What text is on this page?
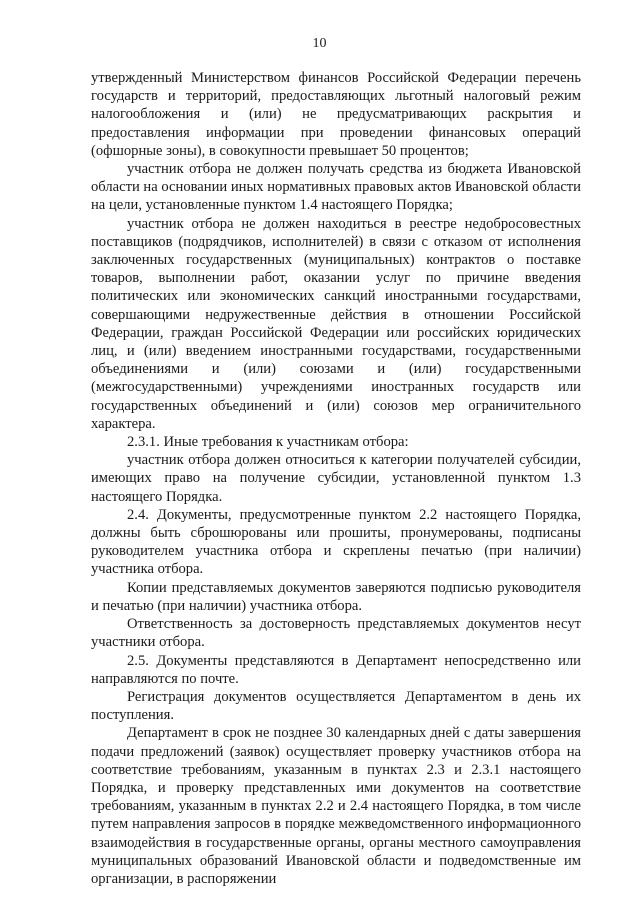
10

утвержденный Министерством финансов Российской Федерации перечень государств и территорий, предоставляющих льготный налоговый режим налогообложения и (или) не предусматривающих раскрытия и предоставления информации при проведении финансовых операций (офшорные зоны), в совокупности превышает 50 процентов;

участник отбора не должен получать средства из бюджета Ивановской области на основании иных нормативных правовых актов Ивановской области на цели, установленные пунктом 1.4 настоящего Порядка;

участник отбора не должен находиться в реестре недобросовестных поставщиков (подрядчиков, исполнителей) в связи с отказом от исполнения заключенных государственных (муниципальных) контрактов о поставке товаров, выполнении работ, оказании услуг по причине введения политических или экономических санкций иностранными государствами, совершающими недружественные действия в отношении Российской Федерации, граждан Российской Федерации или российских юридических лиц, и (или) введением иностранными государствами, государственными объединениями и (или) союзами и (или) государственными (межгосударственными) учреждениями иностранных государств или государственных объединений и (или) союзов мер ограничительного характера.

2.3.1. Иные требования к участникам отбора:

участник отбора должен относиться к категории получателей субсидии, имеющих право на получение субсидии, установленной пунктом 1.3 настоящего Порядка.

2.4. Документы, предусмотренные пунктом 2.2 настоящего Порядка, должны быть сброшюрованы или прошиты, пронумерованы, подписаны руководителем участника отбора и скреплены печатью (при наличии) участника отбора.

Копии представляемых документов заверяются подписью руководителя и печатью (при наличии) участника отбора.

Ответственность за достоверность представляемых документов несут участники отбора.

2.5. Документы представляются в Департамент непосредственно или направляются по почте.

Регистрация документов осуществляется Департаментом в день их поступления.

Департамент в срок не позднее 30 календарных дней с даты завершения подачи предложений (заявок) осуществляет проверку участников отбора на соответствие требованиям, указанным в пунктах 2.3 и 2.3.1 настоящего Порядка, и проверку представленных ими документов на соответствие требованиям, указанным в пунктах 2.2 и 2.4 настоящего Порядка, в том числе путем направления запросов в порядке межведомственного информационного взаимодействия в государственные органы, органы местного самоуправления муниципальных образований Ивановской области и подведомственные им организации, в распоряжении
